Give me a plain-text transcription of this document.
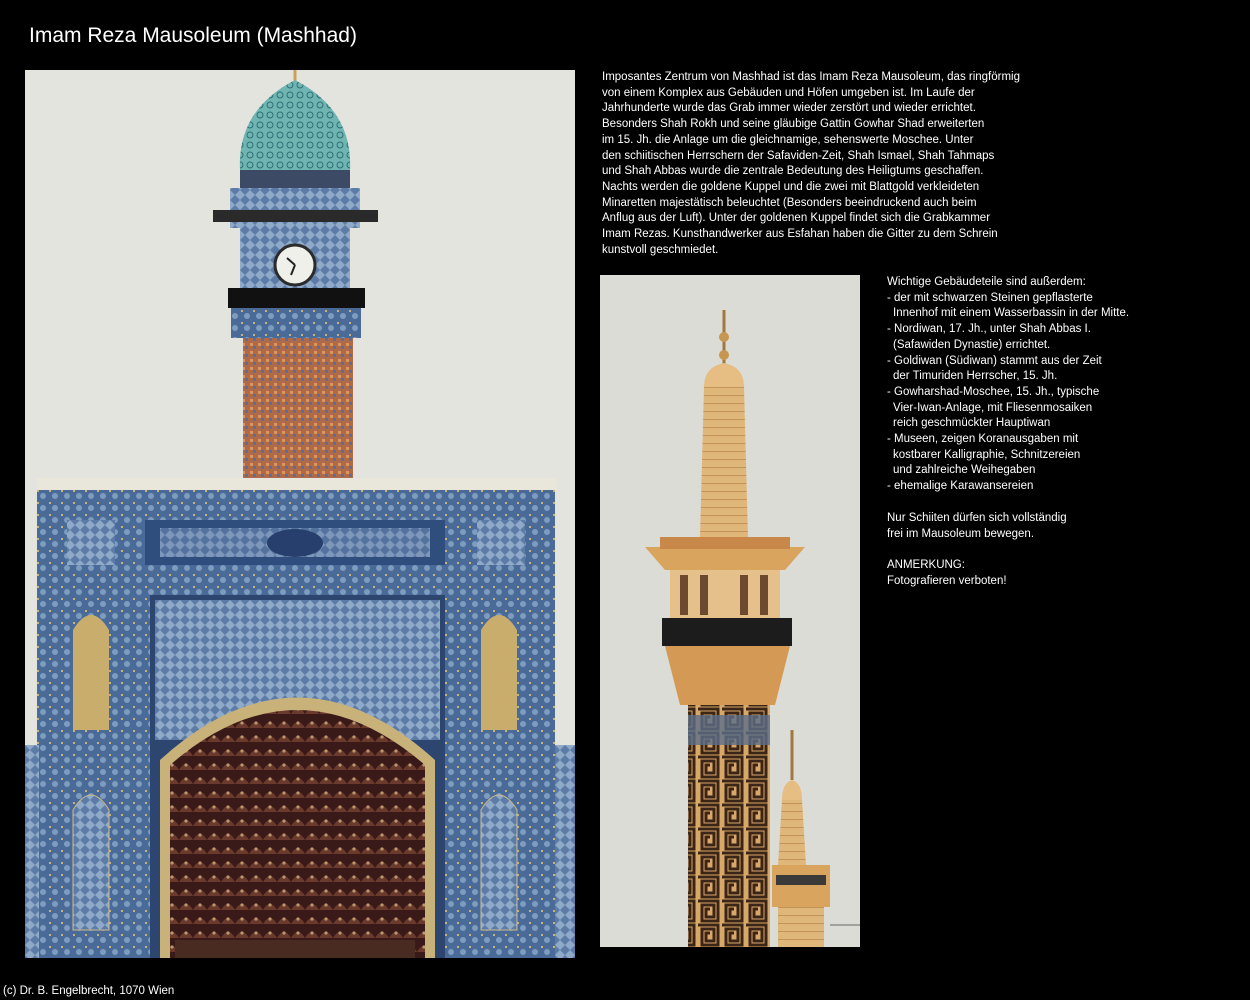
Imam Reza Mausoleum (Mashhad)
Imposantes Zentrum von Mashhad ist das Imam Reza Mausoleum, das ringförmig
von einem Komplex aus Gebäuden und Höfen umgeben ist. Im Laufe der
Jahrhunderte wurde das Grab immer wieder zerstört und wieder errichtet.
Besonders Shah Rokh und seine gläubige Gattin Gowhar Shad erweiterten
im 15. Jh. die Anlage um die gleichnamige, sehenswerte Moschee. Unter
den schiitischen Herrschern der Safaviden-Zeit, Shah Ismael, Shah Tahmaps
und Shah Abbas wurde die zentrale Bedeutung des Heiligtums geschaffen.
Nachts werden die goldene Kuppel und die zwei mit Blattgold verkleideten
Minaretten majestätisch beleuchtet (Besonders beeindruckend auch beim
Anflug aus der Luft). Unter der goldenen Kuppel findet sich die Grabkammer
Imam Rezas. Kunsthandwerker aus Esfahan haben die Gitter zu dem Schrein
kunstvoll geschmiedet.
Wichtige Gebäudeteile sind außerdem:
- der mit schwarzen Steinen gepflasterte
Innenhof mit einem Wasserbassin in der Mitte.
- Nordiwan, 17. Jh., unter Shah Abbas I.
(Safawiden Dynastie) errichtet.
- Goldiwan (Südiwan) stammt aus der Zeit
der Timuriden Herrscher, 15. Jh.
- Gowharshad-Moschee, 15. Jh., typische
Vier-Iwan-Anlage, mit Fliesenmosaiken
reich geschmückter Hauptiwan
- Museen, zeigen Koranausgaben mit
kostbarer Kalligraphie, Schnitzereien
und zahlreiche Weihegaben
- ehemalige Karawansereien
Nur Schiiten dürfen sich vollständig
frei im Mausoleum bewegen.
ANMERKUNG:
Fotografieren verboten!
(c) Dr. B. Engelbrecht, 1070 Wien
